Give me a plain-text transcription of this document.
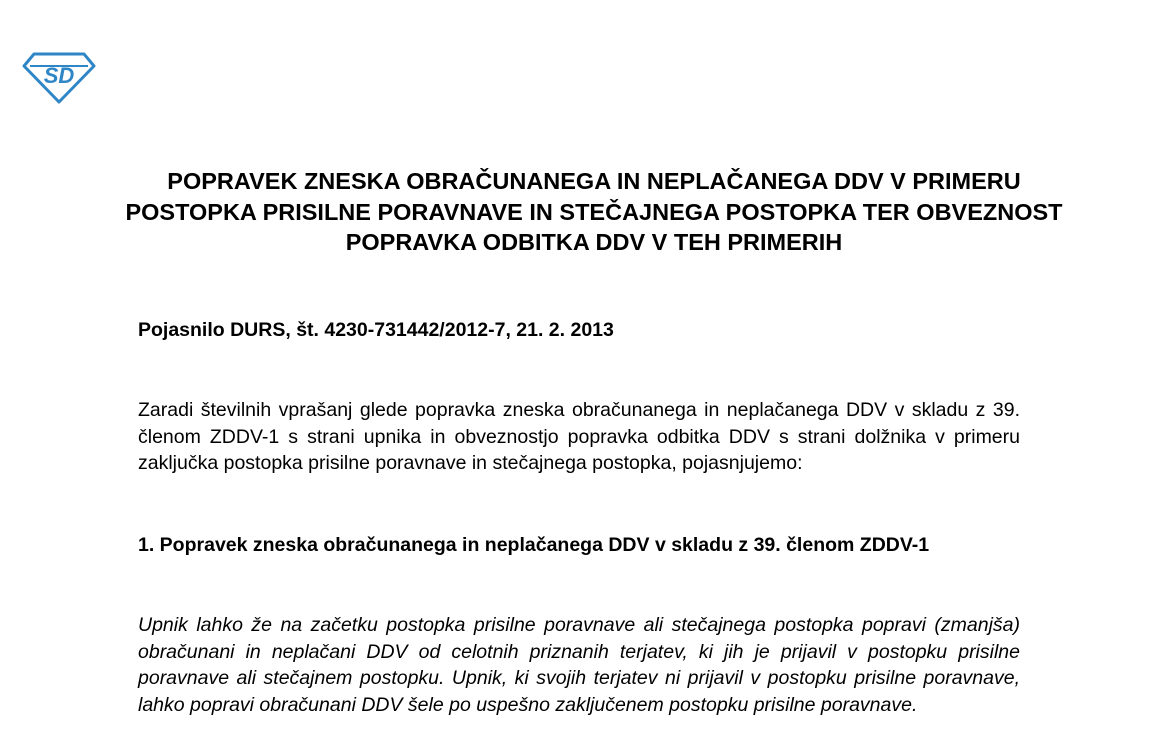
SD
POPRAVEK ZNESKA OBRAČUNANEGA IN NEPLAČANEGA DDV V PRIMERU POSTOPKA PRISILNE PORAVNAVE IN STEČAJNEGA POSTOPKA TER OBVEZNOST POPRAVKA ODBITKA DDV V TEH PRIMERIH

Pojasnilo DURS, št. 4230-731442/2012-7, 21. 2. 2013

Zaradi številnih vprašanj glede popravka zneska obračunanega in neplačanega DDV v skladu z 39. členom ZDDV-1 s strani upnika in obveznostjo popravka odbitka DDV s strani dolžnika v primeru zaključka postopka prisilne poravnave in stečajnega postopka, pojasnjujemo:

1. Popravek zneska obračunanega in neplačanega DDV v skladu z 39. členom ZDDV-1

Upnik lahko že na začetku postopka prisilne poravnave ali stečajnega postopka popravi (zmanjša) obračunani in neplačani DDV od celotnih priznanih terjatev, ki jih je prijavil v postopku prisilne poravnave ali stečajnem postopku. Upnik, ki svojih terjatev ni prijavil v postopku prisilne poravnave, lahko popravi obračunani DDV šele po uspešno zaključenem postopku prisilne poravnave.
